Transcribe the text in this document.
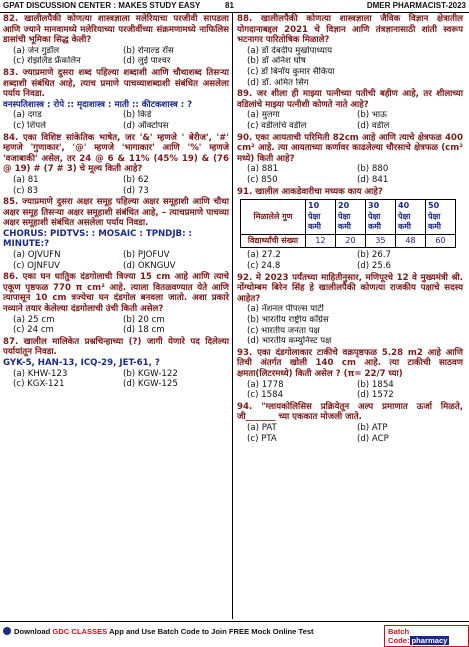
GPAT DISCUSSION CENTER : MAKES STUDY EASY	81	DMER PHARMACIST-2023
82. खालीलपैकी कोणत्या शास्त्रज्ञाला मलेरियाचा परजीवी सापडला आणि ज्याने मानवामध्ये मलेरियाच्या परजीवींच्या संक्रमणामध्ये नाफिलिस डासांची भूमिका सिद्ध केली?
(a) जेन गुडॉल	(b) रोनाल्ड रॉस
(c) रोझलिंड फ्रँकलिन	(d) लुई पाश्चर
83. ज्याप्रमाणे दुसरा शब्द पहिल्या शब्दाशी आणि चौथाशब्द तिसऱ्या शब्दाशी संबंधित आहे, त्याच प्रमाणे पाचव्याशब्दाशी संबंधित असलेला पर्याय निवडा.
वनस्पतिशास्त्र : रोपे :: मृदाशास्त्र : माती :: कीटकशास्त्र : ?
(a) दगड	(b) किडे
(c) शिंपले	(d) ऑक्टोपस
84. एका विशिष्ट सांकेतिक भाषेत, जर '&' म्हणजे ' बेरीज', '#' म्हणजे 'गुणाकार', '@' म्हणजे 'भागाकार' आणि '%' म्हणजे 'वजाबाकी' असेल, तर 24 @ 6 & 11% (45% 19) & (76 @ 19) # (7 # 3) चे मूल्य किती आहे?
(a) 81	(b) 62
(c) 83	(d) 73
85. ज्याप्रमाणे दुसरा अक्षर समूह पहिल्या अक्षर समूहाशी आणि चौथा अक्षर समूह तिसऱ्या अक्षर समूहाशी संबंधित आहे, – त्याचप्रमाणे पाचव्या अक्षर समूहाशी संबंधित असलेला पर्याय निवडा.
CHORUS: PIDTVS: : MOSAIC : TPNDJB: : MINUTE:?
(a) OJVUFN	(b) PJOFUV
(c) OJNFUV	(d) OKNGUV
86. एका घन धातुिक दंडगोलाची त्रिज्या 15 cm आहे आणि त्याचे एकूण पृष्ठफळ 770 π cm² आहे. त्याला वितळवण्यात येते आणि त्यापासून 10 cm त्रज्येचा घन दंडगोल बनवला जातो. अशा प्रकारे नव्याने तयार केलेल्या दंडगोलाची उंची किती असेल?
(a) 25 cm	(b) 20 cm
(c) 24 cm	(d) 18 cm
87. खालील मालिकेत प्रश्नचिन्हाच्या (?) जागी येणारे पद दिलेल्या पर्यायांतून निवडा.
GYK-5, HAN-13, ICQ-29, JET-61, ?
(a) KHW-123	(b) KGW-122
(c) KGX-121	(d) KGW-125
88. खालीलपैकी कोणत्या शास्त्रज्ञाला जैविक विज्ञान क्षेत्रातील योगदानाबद्दल 2021 चे विज्ञान आणि तंत्रज्ञानासाठी शांती स्वरूप भटनागर पारितोषिक मिळाले?
(a) डॉ देबदीप मुखोपाध्याय
(b) डॉ अनिश घोष
(c) डॉ बिनॉय कुमार सैकिया
(d) डॉ. अमित सिंग
89. जर शीला ही माझ्या पत्नीच्या पतीची बहीण आहे, तर शीलाच्या वडिलांचे माझ्या पत्नीशी कोणते नाते आहे?
(a) मुलगा	(b) भाऊ
(c) वडीलांचे वडील	(d) वडील
90. एका आयताची परिमिती 82cm आहे आणि त्याचे क्षेत्रफळ 400 cm² आहे. त्या आयताच्या कर्णावर काढलेल्या चौरसाचे क्षेत्रफळ (cm² मध्ये) किती आहे?
(a) 881	(b) 880
(c) 850	(d) 841
91. खालील आकडेवारीचा मध्यक काय आहे?
मिळालेले गुण	10 पेक्षा कमी	20 पेक्षा कमी	30 पेक्षा कमी	40 पेक्षा कमी	50 पेक्षा कमी
विद्यार्थ्यांची संख्या	12	20	35	48	60
(a) 27.2	(b) 26.7
(c) 24.8	(d) 25.6
92. मे 2023 पर्यंतच्या माहितीनुसार, मणिपूरचे 12 वे मुख्यमंत्री श्री. नोंग्थोम्बम बिरेन सिंह हे खालीलपैकी कोणत्या राजकीय पक्षाचे सदस्य आहेत?
(a) नॅशनल पीपल्स पार्टी
(b) भारतीय राष्ट्रीय काँग्रेस
(c) भारतीय जनता पक्ष
(d) भारतीय कम्युनिस्ट पक्ष
93. एका दंडगोलाकार टाकीचे वक्रपृष्ठफळ 5.28 m2 आहे आणि तिची अंतर्गत खोली 140 cm आहे. त्या टाकीची साठवण क्षमता(लिटरमध्ये) किती असेल ? (π= 22/7 घ्या)
(a) 1778	(b) 1854
(c) 1584	(d) 1572
94. "ग्लायकोलिसिस प्रक्रियेतून अल्प प्रमाणात ऊर्जा मिळते, जी_______ च्या एककात मोजली जाते.
(a) PAT	(b) ATP
(c) PTA	(d) ACP
Download GDC CLASSES App and Use Batch Code to Join FREE Mock Online Test	Batch Code: pharmacy
